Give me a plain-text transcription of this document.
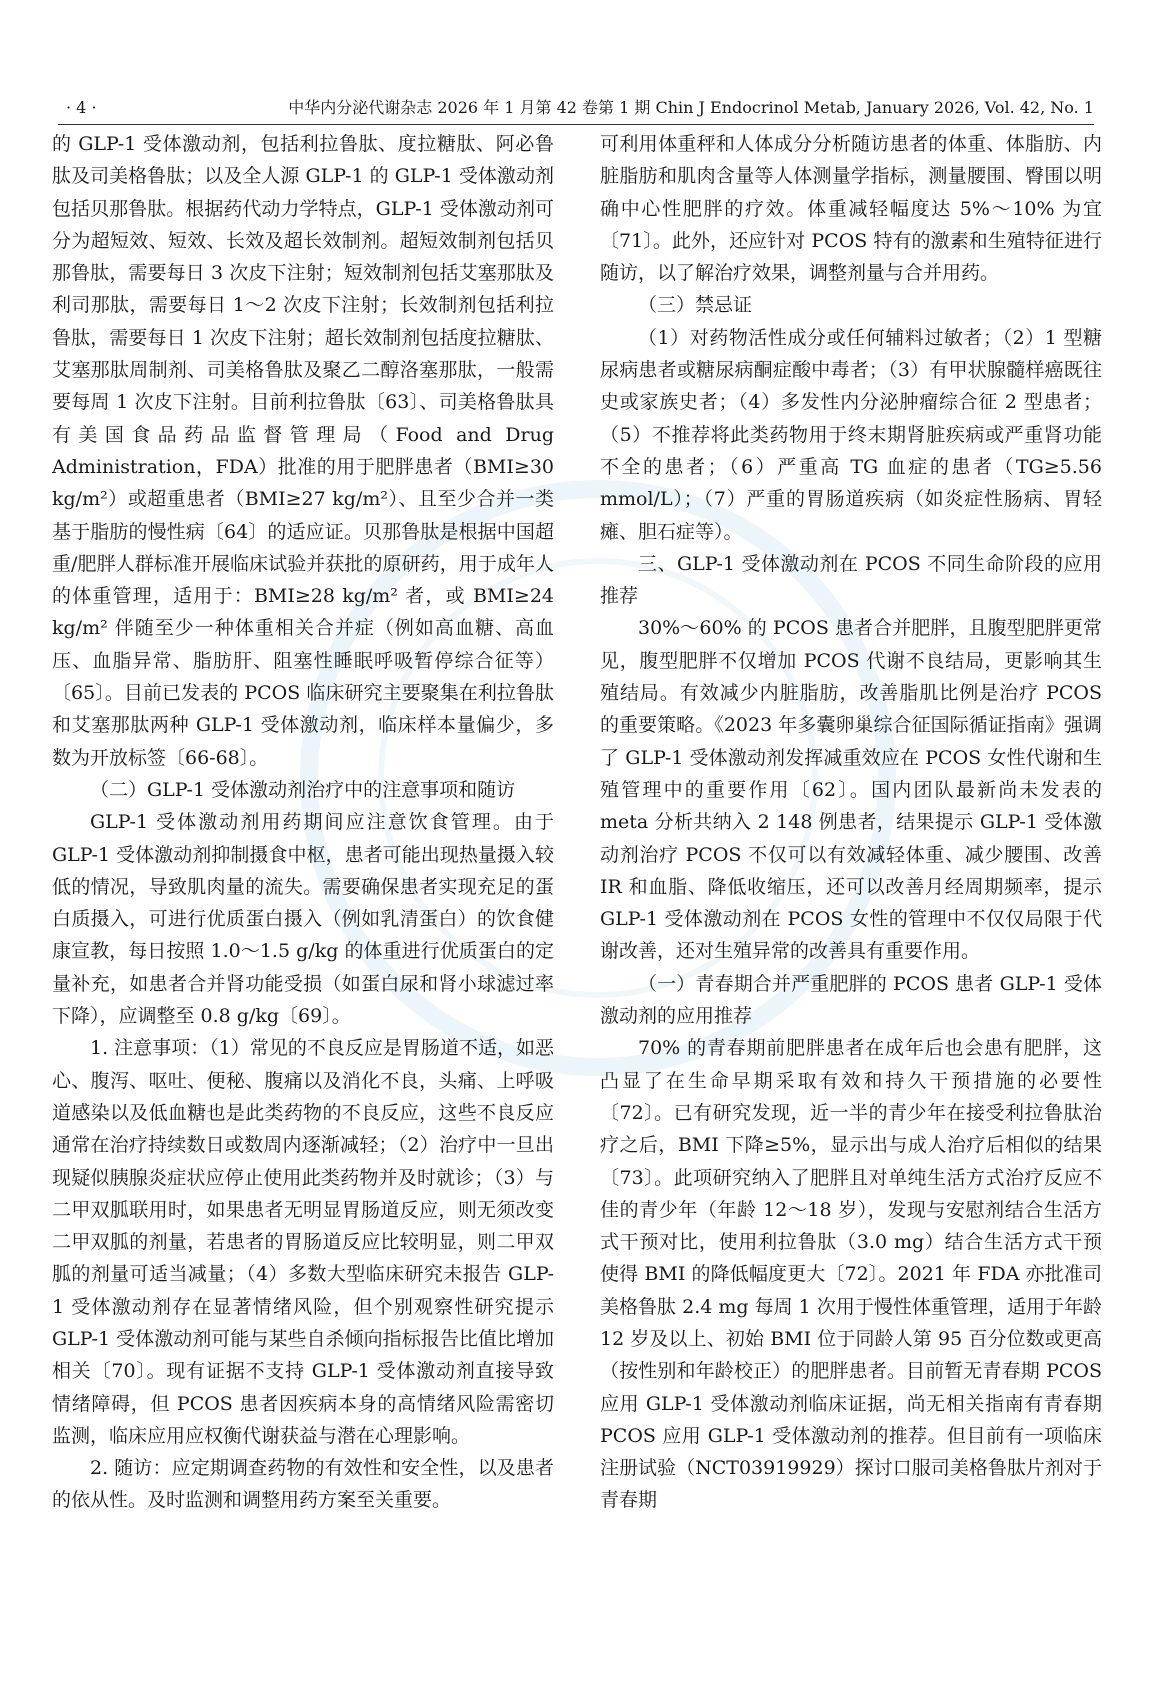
· 4 ·	中华内分泌代谢杂志 2026 年 1 月第 42 卷第 1 期 Chin J Endocrinol Metab, January 2026, Vol. 42, No. 1

的 GLP-1 受体激动剂，包括利拉鲁肽、度拉糖肽、阿必鲁肽及司美格鲁肽；以及全人源 GLP-1 的 GLP-1 受体激动剂包括贝那鲁肽。根据药代动力学特点，GLP-1 受体激动剂可分为超短效、短效、长效及超长效制剂。超短效制剂包括贝那鲁肽，需要每日 3 次皮下注射；短效制剂包括艾塞那肽及利司那肽，需要每日 1～2 次皮下注射；长效制剂包括利拉鲁肽，需要每日 1 次皮下注射；超长效制剂包括度拉糖肽、艾塞那肽周制剂、司美格鲁肽及聚乙二醇洛塞那肽，一般需要每周 1 次皮下注射。目前利拉鲁肽〔63〕、司美格鲁肽具有美国食品药品监督管理局（Food and Drug Administration，FDA）批准的用于肥胖患者（BMI≥30 kg/m²）或超重患者（BMI≥27 kg/m²）、且至少合并一类基于脂肪的慢性病〔64〕的适应证。贝那鲁肽是根据中国超重/肥胖人群标准开展临床试验并获批的原研药，用于成年人的体重管理，适用于：BMI≥28 kg/m² 者，或 BMI≥24 kg/m² 伴随至少一种体重相关合并症（例如高血糖、高血压、血脂异常、脂肪肝、阻塞性睡眠呼吸暂停综合征等）〔65〕。目前已发表的 PCOS 临床研究主要聚集在利拉鲁肽和艾塞那肽两种 GLP-1 受体激动剂，临床样本量偏少，多数为开放标签〔66-68〕。

（二）GLP-1 受体激动剂治疗中的注意事项和随访

GLP-1 受体激动剂用药期间应注意饮食管理。由于 GLP-1 受体激动剂抑制摄食中枢，患者可能出现热量摄入较低的情况，导致肌肉量的流失。需要确保患者实现充足的蛋白质摄入，可进行优质蛋白摄入（例如乳清蛋白）的饮食健康宣教，每日按照 1.0～1.5 g/kg 的体重进行优质蛋白的定量补充，如患者合并肾功能受损（如蛋白尿和肾小球滤过率下降），应调整至 0.8 g/kg〔69〕。

1. 注意事项：（1）常见的不良反应是胃肠道不适，如恶心、腹泻、呕吐、便秘、腹痛以及消化不良，头痛、上呼吸道感染以及低血糖也是此类药物的不良反应，这些不良反应通常在治疗持续数日或数周内逐渐减轻；（2）治疗中一旦出现疑似胰腺炎症状应停止使用此类药物并及时就诊；（3）与二甲双胍联用时，如果患者无明显胃肠道反应，则无须改变二甲双胍的剂量，若患者的胃肠道反应比较明显，则二甲双胍的剂量可适当减量；（4）多数大型临床研究未报告 GLP-1 受体激动剂存在显著情绪风险，但个别观察性研究提示 GLP-1 受体激动剂可能与某些自杀倾向指标报告比值比增加相关〔70〕。现有证据不支持 GLP-1 受体激动剂直接导致情绪障碍，但 PCOS 患者因疾病本身的高情绪风险需密切监测，临床应用应权衡代谢获益与潜在心理影响。

2. 随访：应定期调查药物的有效性和安全性，以及患者的依从性。及时监测和调整用药方案至关重要。

可利用体重秤和人体成分分析随访患者的体重、体脂肪、内脏脂肪和肌肉含量等人体测量学指标，测量腰围、臀围以明确中心性肥胖的疗效。体重减轻幅度达 5%～10% 为宜〔71〕。此外，还应针对 PCOS 特有的激素和生殖特征进行随访，以了解治疗效果，调整剂量与合并用药。

（三）禁忌证

（1）对药物活性成分或任何辅料过敏者；（2）1 型糖尿病患者或糖尿病酮症酸中毒者；（3）有甲状腺髓样癌既往史或家族史者；（4）多发性内分泌肿瘤综合征 2 型患者；（5）不推荐将此类药物用于终末期肾脏疾病或严重肾功能不全的患者；（6）严重高 TG 血症的患者（TG≥5.56 mmol/L）；（7）严重的胃肠道疾病（如炎症性肠病、胃轻瘫、胆石症等）。

三、GLP-1 受体激动剂在 PCOS 不同生命阶段的应用推荐

30%～60% 的 PCOS 患者合并肥胖，且腹型肥胖更常见，腹型肥胖不仅增加 PCOS 代谢不良结局，更影响其生殖结局。有效减少内脏脂肪，改善脂肌比例是治疗 PCOS 的重要策略。《2023 年多囊卵巢综合征国际循证指南》强调了 GLP-1 受体激动剂发挥减重效应在 PCOS 女性代谢和生殖管理中的重要作用〔62〕。国内团队最新尚未发表的 meta 分析共纳入 2 148 例患者，结果提示 GLP-1 受体激动剂治疗 PCOS 不仅可以有效减轻体重、减少腰围、改善 IR 和血脂、降低收缩压，还可以改善月经周期频率，提示 GLP-1 受体激动剂在 PCOS 女性的管理中不仅仅局限于代谢改善，还对生殖异常的改善具有重要作用。

（一）青春期合并严重肥胖的 PCOS 患者 GLP-1 受体激动剂的应用推荐

70% 的青春期前肥胖患者在成年后也会患有肥胖，这凸显了在生命早期采取有效和持久干预措施的必要性〔72〕。已有研究发现，近一半的青少年在接受利拉鲁肽治疗之后，BMI 下降≥5%，显示出与成人治疗后相似的结果〔73〕。此项研究纳入了肥胖且对单纯生活方式治疗反应不佳的青少年（年龄 12～18 岁），发现与安慰剂结合生活方式干预对比，使用利拉鲁肽（3.0 mg）结合生活方式干预使得 BMI 的降低幅度更大〔72〕。2021 年 FDA 亦批准司美格鲁肽 2.4 mg 每周 1 次用于慢性体重管理，适用于年龄 12 岁及以上、初始 BMI 位于同龄人第 95 百分位数或更高（按性别和年龄校正）的肥胖患者。目前暂无青春期 PCOS 应用 GLP-1 受体激动剂临床证据，尚无相关指南有青春期 PCOS 应用 GLP-1 受体激动剂的推荐。但目前有一项临床注册试验（NCT03919929）探讨口服司美格鲁肽片剂对于青春期
